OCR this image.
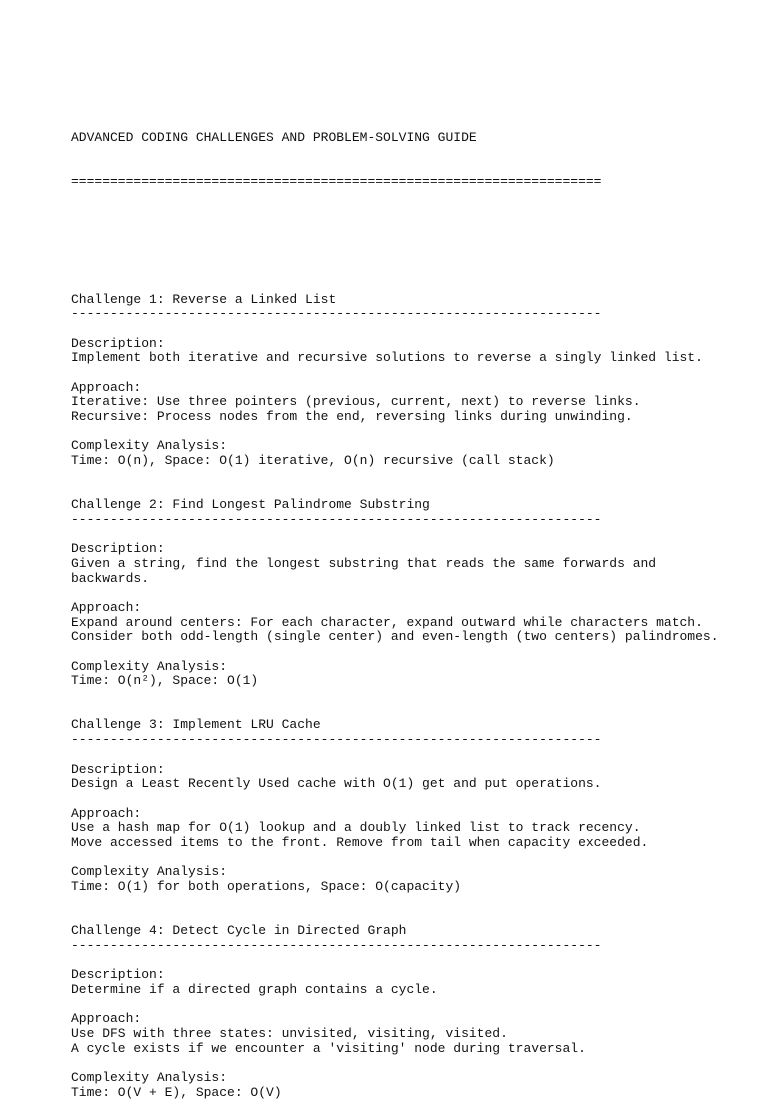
ADVANCED CODING CHALLENGES AND PROBLEM-SOLVING GUIDE

====================================================================

Challenge 1: Reverse a Linked List
--------------------------------------------------------------------
Description:
Implement both iterative and recursive solutions to reverse a singly linked list.
Approach:
Iterative: Use three pointers (previous, current, next) to reverse links.
Recursive: Process nodes from the end, reversing links during unwinding.
Complexity Analysis:
Time: O(n), Space: O(1) iterative, O(n) recursive (call stack)
Challenge 2: Find Longest Palindrome Substring
--------------------------------------------------------------------
Description:
Given a string, find the longest substring that reads the same forwards and
backwards.
Approach:
Expand around centers: For each character, expand outward while characters match.
Consider both odd-length (single center) and even-length (two centers) palindromes.
Complexity Analysis:
Time: O(n²), Space: O(1)
Challenge 3: Implement LRU Cache
--------------------------------------------------------------------
Description:
Design a Least Recently Used cache with O(1) get and put operations.
Approach:
Use a hash map for O(1) lookup and a doubly linked list to track recency.
Move accessed items to the front. Remove from tail when capacity exceeded.
Complexity Analysis:
Time: O(1) for both operations, Space: O(capacity)
Challenge 4: Detect Cycle in Directed Graph
--------------------------------------------------------------------
Description:
Determine if a directed graph contains a cycle.
Approach:
Use DFS with three states: unvisited, visiting, visited.
A cycle exists if we encounter a 'visiting' node during traversal.
Complexity Analysis:
Time: O(V + E), Space: O(V)
